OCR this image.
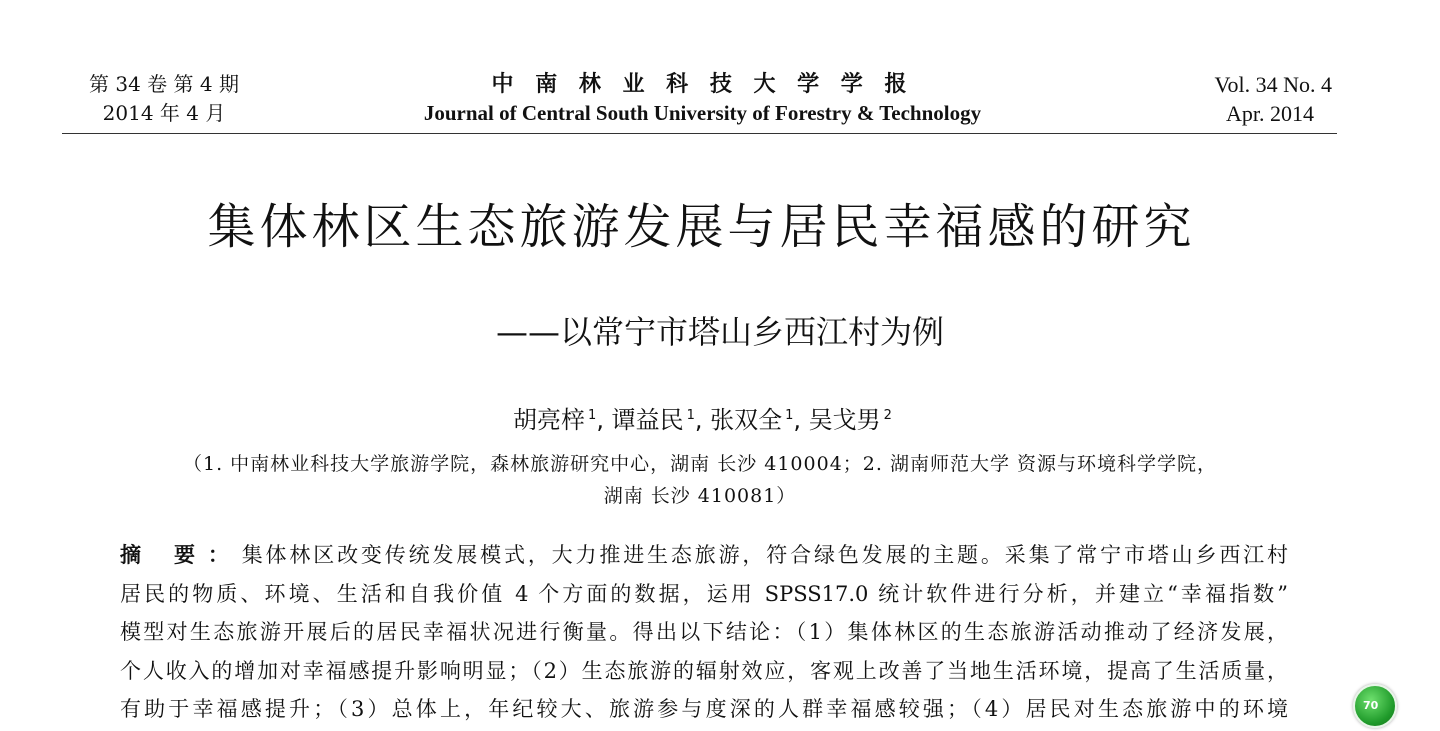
第 34 卷 第 4 期
2014 年 4 月
中 南 林 业 科 技 大 学 学 报
Journal of Central South University of Forestry & Technology
Vol. 34 No. 4
Apr. 2014
集体林区生态旅游发展与居民幸福感的研究
——以常宁市塔山乡西江村为例
胡亮梓 $^1$, 谭益民 $^1$, 张双全 $^1$, 吴戈男 $^2$
（1. 中南林业科技大学旅游学院，森林旅游研究中心，湖南 长沙 410004；2. 湖南师范大学 资源与环境科学学院，
湖南 长沙 410081）
摘 要：集体林区改变传统发展模式，大力推进生态旅游，符合绿色发展的主题。采集了常宁市塔山乡西江村
居民的物质、环境、生活和自我价值 4 个方面的数据，运用 SPSS17.0 统计软件进行分析，并建立“幸福指数”
模型对生态旅游开展后的居民幸福状况进行衡量。得出以下结论：（1）集体林区的生态旅游活动推动了经济发展，
个人收入的增加对幸福感提升影响明显；（2）生态旅游的辐射效应，客观上改善了当地生活环境，提高了生活质量，
有助于幸福感提升；（3）总体上，年纪较大、旅游参与度深的人群幸福感较强；（4）居民对生态旅游中的环境	70
